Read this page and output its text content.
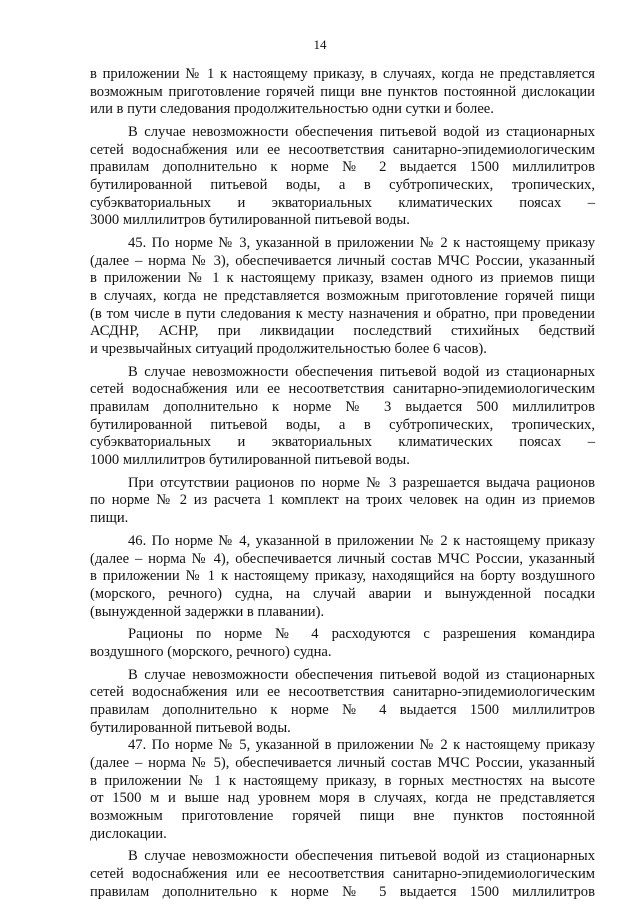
14
в приложении № 1 к настоящему приказу, в случаях, когда не представляется
возможным приготовление горячей пищи вне пунктов постоянной дислокации
или в пути следования продолжительностью одни сутки и более.
В случае невозможности обеспечения питьевой водой из стационарных
сетей водоснабжения или ее несоответствия санитарно-эпидемиологическим
правилам дополнительно к норме № 2 выдается 1500 миллилитров
бутилированной питьевой воды, а в субтропических, тропических,
субэкваториальных и экваториальных климатических поясах –
3000 миллилитров бутилированной питьевой воды.
45. По норме № 3, указанной в приложении № 2 к настоящему приказу
(далее – норма № 3), обеспечивается личный состав МЧС России, указанный
в приложении № 1 к настоящему приказу, взамен одного из приемов пищи
в случаях, когда не представляется возможным приготовление горячей пищи
(в том числе в пути следования к месту назначения и обратно, при проведении
АСДНР, АСНР, при ликвидации последствий стихийных бедствий
и чрезвычайных ситуаций продолжительностью более 6 часов).
В случае невозможности обеспечения питьевой водой из стационарных
сетей водоснабжения или ее несоответствия санитарно-эпидемиологическим
правилам дополнительно к норме № 3 выдается 500 миллилитров
бутилированной питьевой воды, а в субтропических, тропических,
субэкваториальных и экваториальных климатических поясах –
1000 миллилитров бутилированной питьевой воды.
При отсутствии рационов по норме № 3 разрешается выдача рационов
по норме № 2 из расчета 1 комплект на троих человек на один из приемов
пищи.
46. По норме № 4, указанной в приложении № 2 к настоящему приказу
(далее – норма № 4), обеспечивается личный состав МЧС России, указанный
в приложении № 1 к настоящему приказу, находящийся на борту воздушного
(морского, речного) судна, на случай аварии и вынужденной посадки
(вынужденной задержки в плавании).
Рационы по норме № 4 расходуются с разрешения командира
воздушного (морского, речного) судна.
В случае невозможности обеспечения питьевой водой из стационарных
сетей водоснабжения или ее несоответствия санитарно-эпидемиологическим
правилам дополнительно к норме № 4 выдается 1500 миллилитров
бутилированной питьевой воды.
47. По норме № 5, указанной в приложении № 2 к настоящему приказу
(далее – норма № 5), обеспечивается личный состав МЧС России, указанный
в приложении № 1 к настоящему приказу, в горных местностях на высоте
от 1500 м и выше над уровнем моря в случаях, когда не представляется
возможным приготовление горячей пищи вне пунктов постоянной
дислокации.
В случае невозможности обеспечения питьевой водой из стационарных
сетей водоснабжения или ее несоответствия санитарно-эпидемиологическим
правилам дополнительно к норме № 5 выдается 1500 миллилитров
